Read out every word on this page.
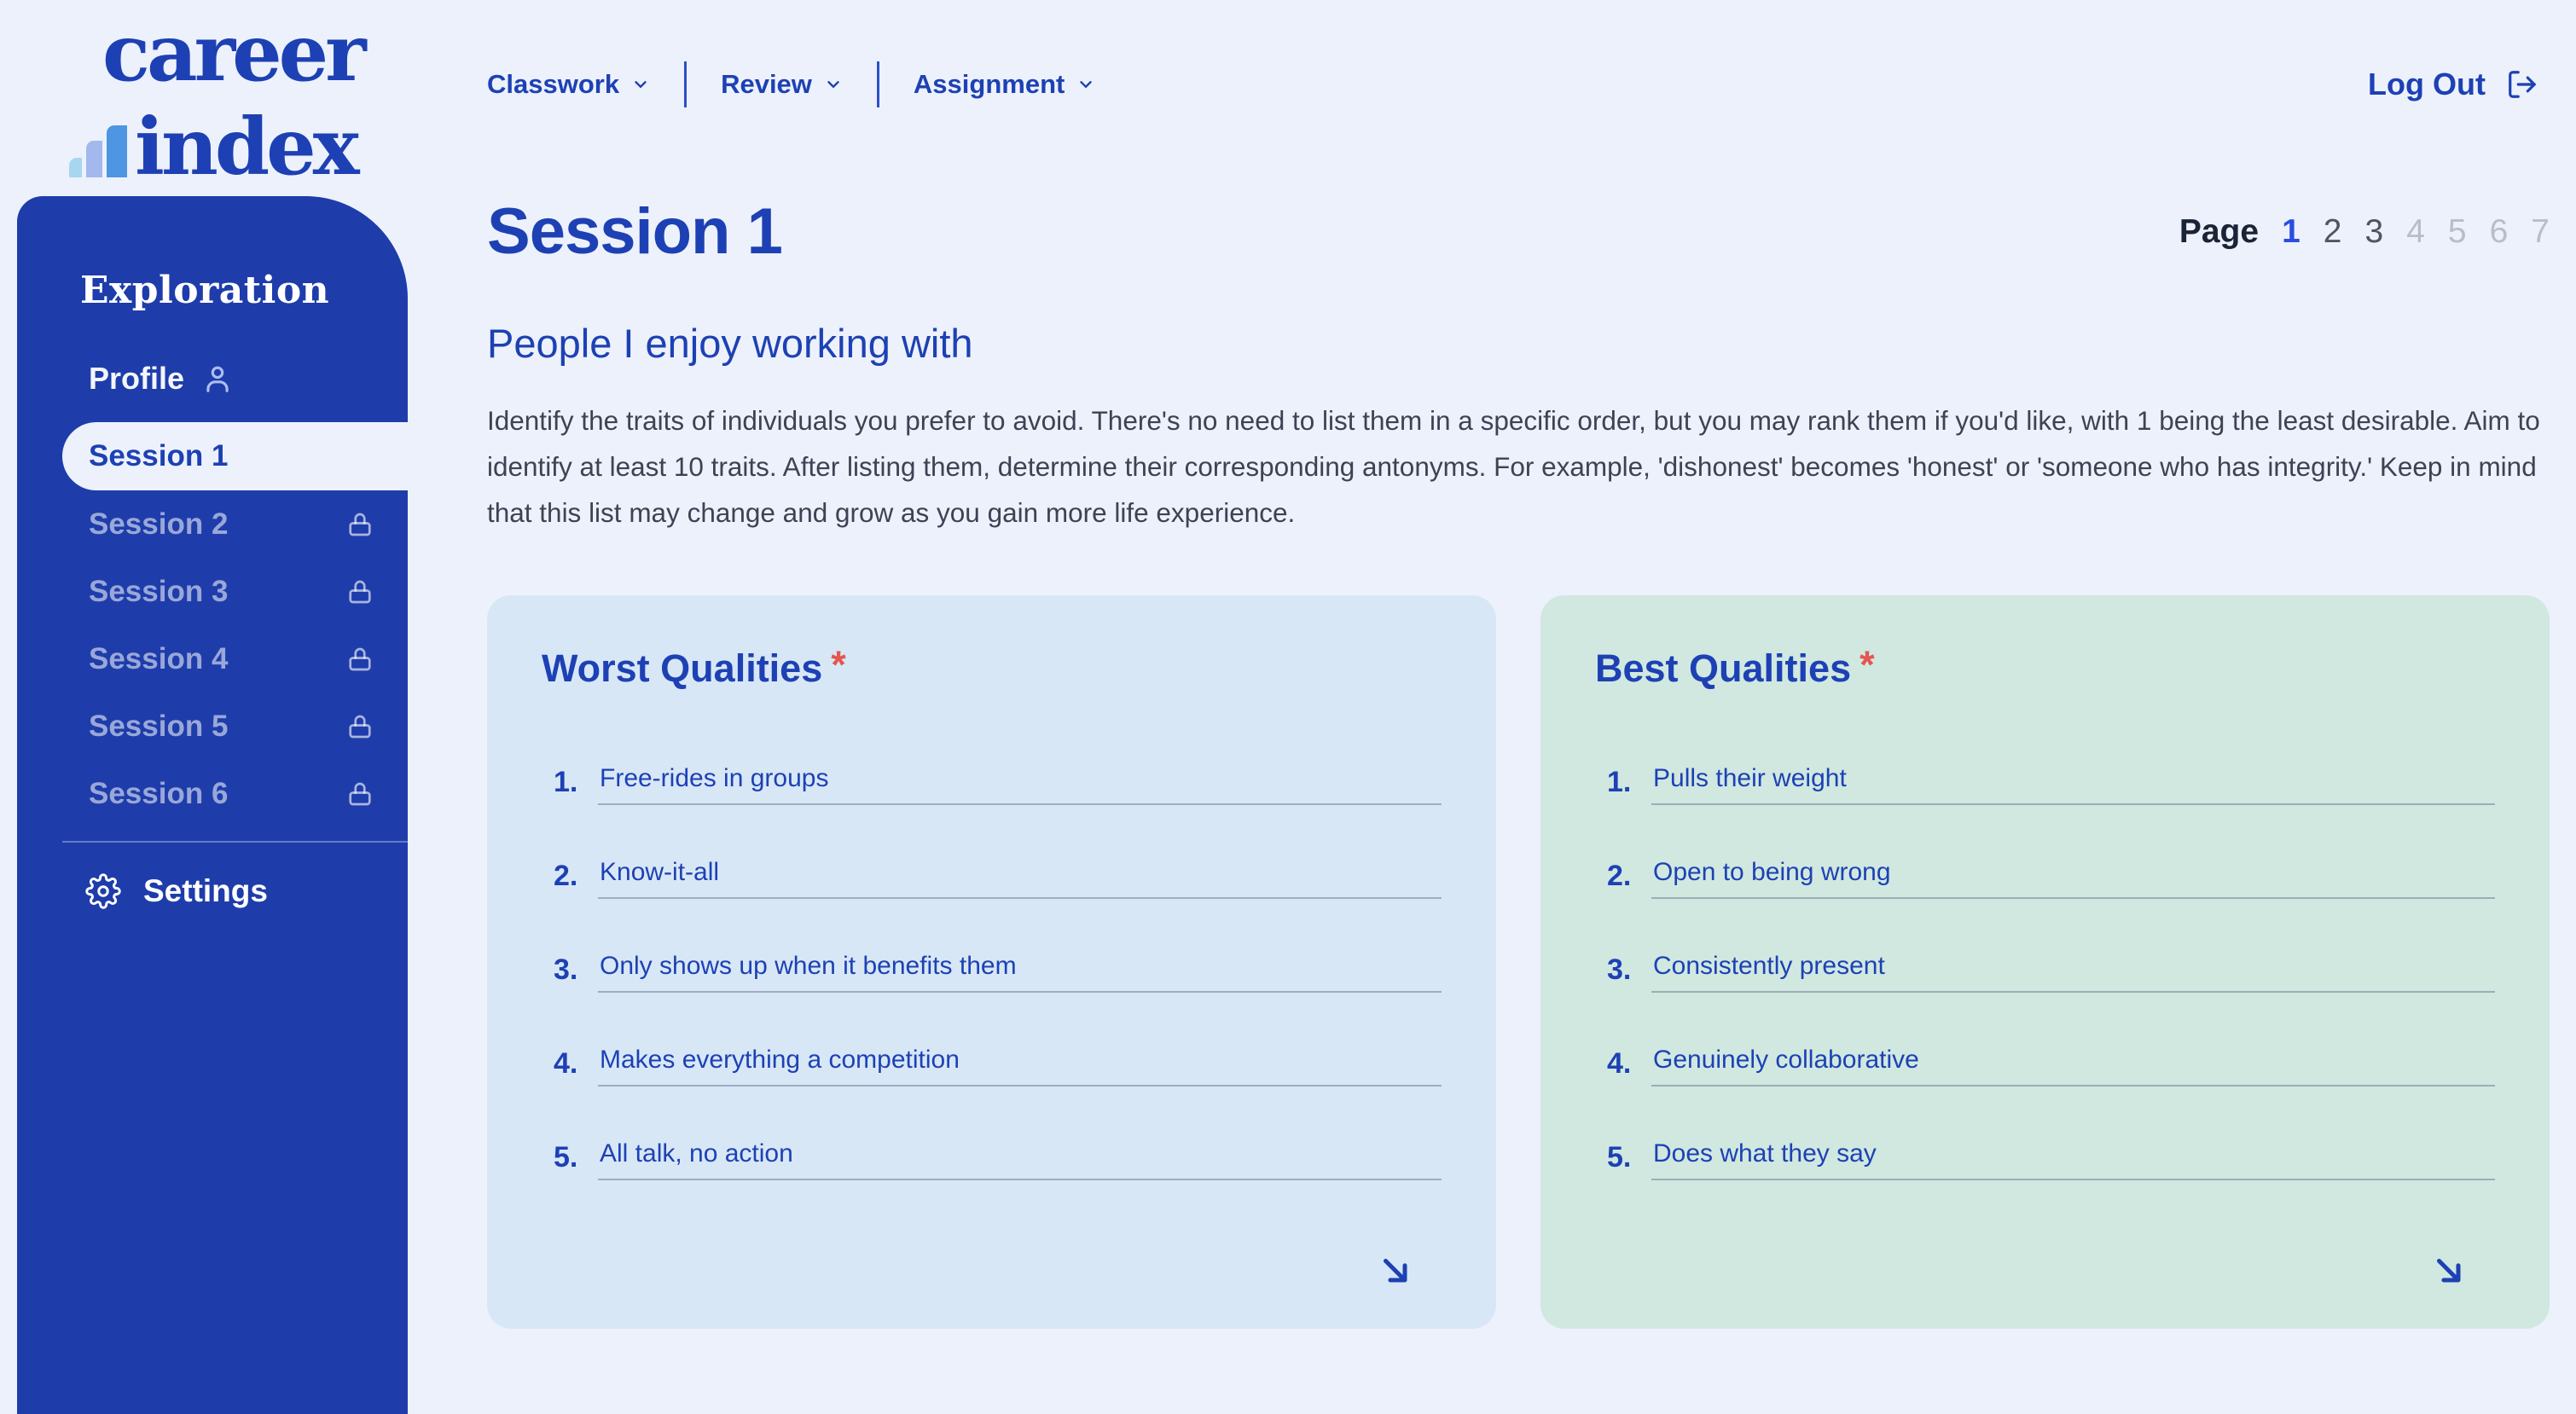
career
index
Classwork	Review	Assignment	Log Out
Exploration
Profile
Session 1
Session 2
Session 3
Session 4
Session 5
Session 6
Settings
Session 1	Page 1 2 3 4 5 6 7
People I enjoy working with
Identify the traits of individuals you prefer to avoid. There's no need to list them in a specific order, but you may rank them if you'd like, with 1 being the least desirable. Aim to identify at least 10 traits. After listing them, determine their corresponding antonyms. For example, 'dishonest' becomes 'honest' or 'someone who has integrity.' Keep in mind that this list may change and grow as you gain more life experience.
Worst Qualities *
1. Free-rides in groups
2. Know-it-all
3. Only shows up when it benefits them
4. Makes everything a competition
5. All talk, no action
Best Qualities *
1. Pulls their weight
2. Open to being wrong
3. Consistently present
4. Genuinely collaborative
5. Does what they say
